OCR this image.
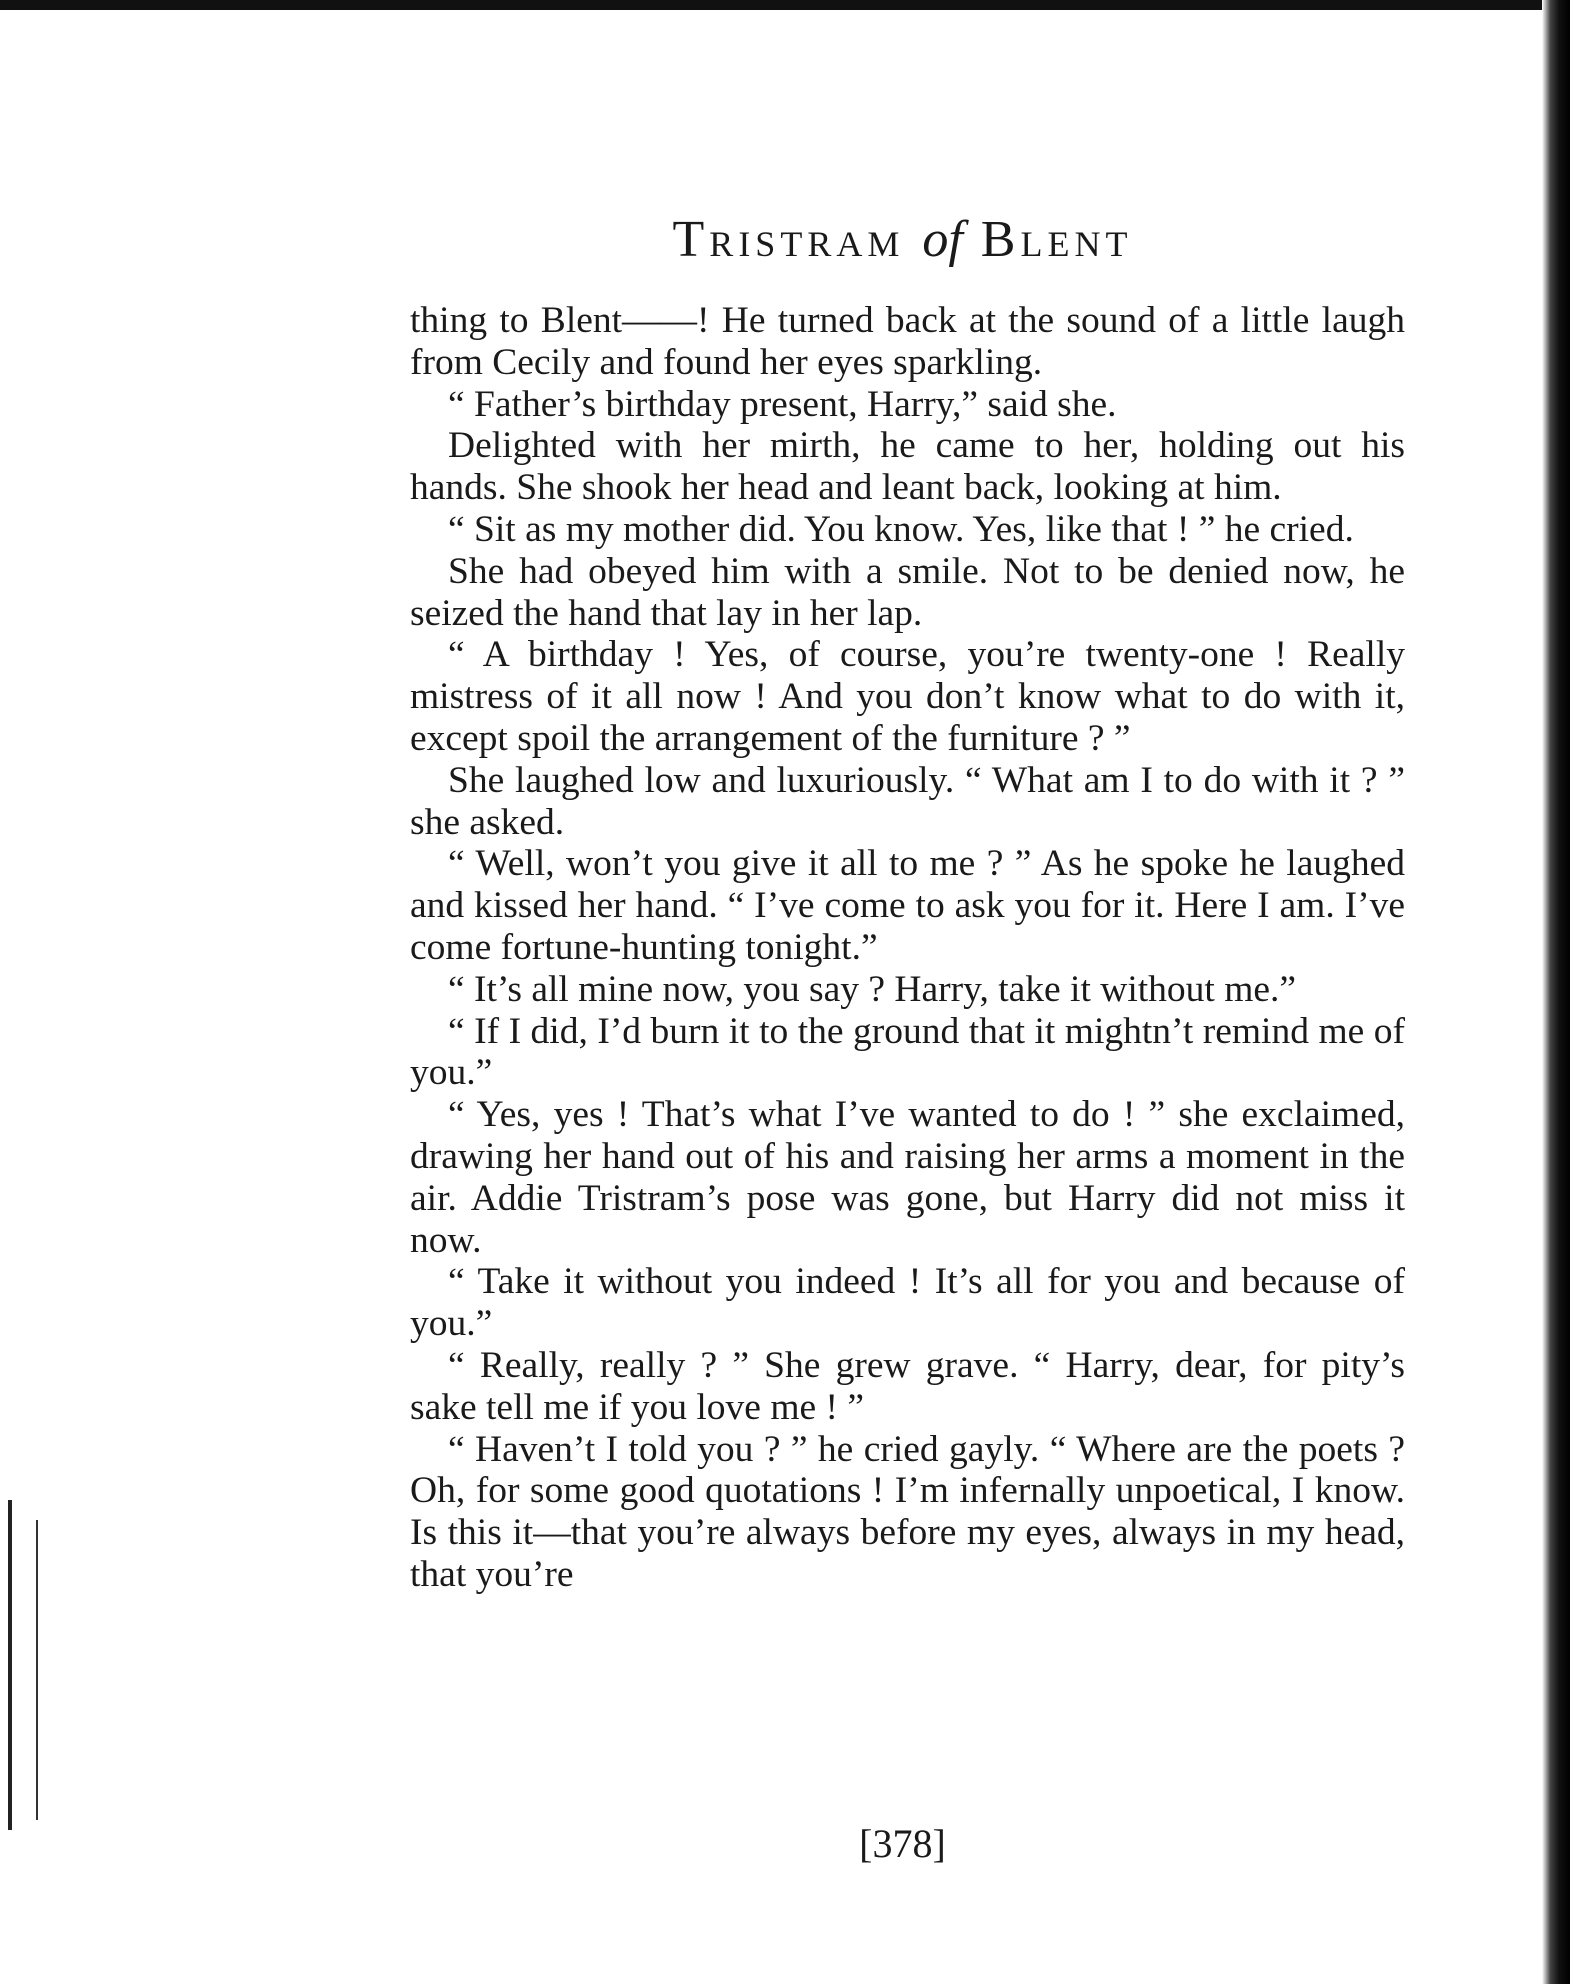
Tristram of Blent

thing to Blent——! He turned back at the sound of a little laugh from Cecily and found her eyes sparkling.

“ Father’s birthday present, Harry,” said she.

Delighted with her mirth, he came to her, holding out his hands. She shook her head and leant back, looking at him.

“ Sit as my mother did. You know. Yes, like that ! ” he cried.

She had obeyed him with a smile. Not to be denied now, he seized the hand that lay in her lap.

“ A birthday ! Yes, of course, you’re twenty-one ! Really mistress of it all now ! And you don’t know what to do with it, except spoil the arrangement of the furniture ? ”

She laughed low and luxuriously. “ What am I to do with it ? ” she asked.

“ Well, won’t you give it all to me ? ” As he spoke he laughed and kissed her hand. “ I’ve come to ask you for it. Here I am. I’ve come fortune-hunting tonight.”

“ It’s all mine now, you say ? Harry, take it without me.”

“ If I did, I’d burn it to the ground that it mightn’t remind me of you.”

“ Yes, yes ! That’s what I’ve wanted to do ! ” she exclaimed, drawing her hand out of his and raising her arms a moment in the air. Addie Tristram’s pose was gone, but Harry did not miss it now.

“ Take it without you indeed ! It’s all for you and because of you.”

“ Really, really ? ” She grew grave. “ Harry, dear, for pity’s sake tell me if you love me ! ”

“ Haven’t I told you ? ” he cried gayly. “ Where are the poets ? Oh, for some good quotations ! I’m infernally unpoetical, I know. Is this it—that you’re always before my eyes, always in my head, that you’re

[378]
